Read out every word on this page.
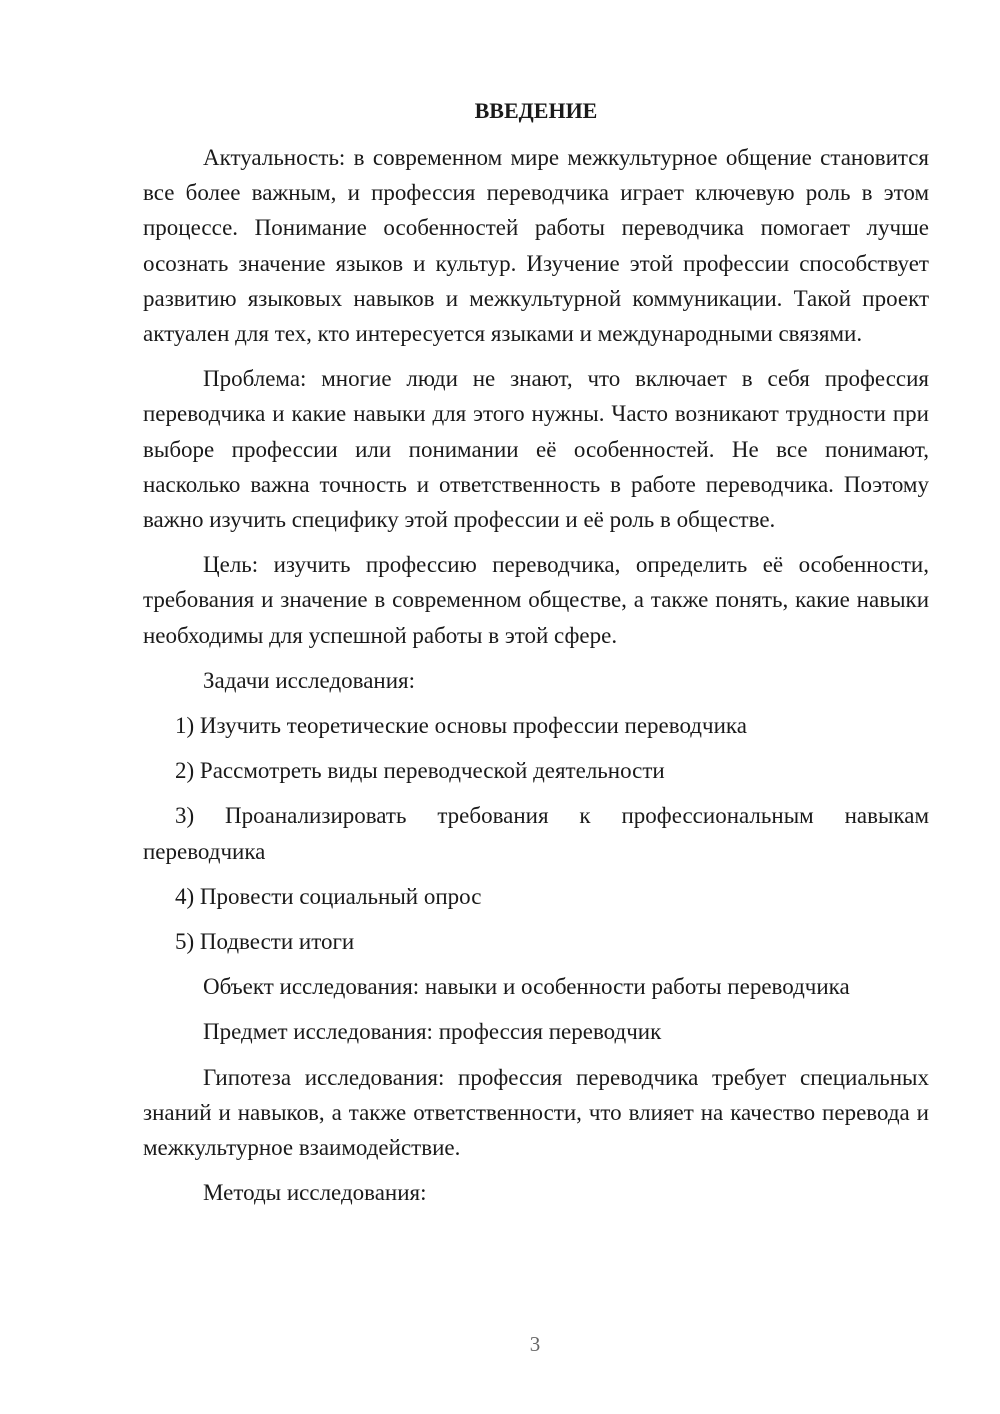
ВВЕДЕНИЕ

Актуальность: в современном мире межкультурное общение становится все более важным, и профессия переводчика играет ключевую роль в этом процессе. Понимание особенностей работы переводчика помогает лучше осознать значение языков и культур. Изучение этой профессии способствует развитию языковых навыков и межкультурной коммуникации. Такой проект актуален для тех, кто интересуется языками и международными связями.

Проблема: многие люди не знают, что включает в себя профессия переводчика и какие навыки для этого нужны. Часто возникают трудности при выборе профессии или понимании её особенностей. Не все понимают, насколько важна точность и ответственность в работе переводчика. Поэтому важно изучить специфику этой профессии и её роль в обществе.

Цель: изучить профессию переводчика, определить её особенности, требования и значение в современном обществе, а также понять, какие навыки необходимы для успешной работы в этой сфере.

Задачи исследования:

1) Изучить теоретические основы профессии переводчика

2) Рассмотреть виды переводческой деятельности

3) Проанализировать требования к профессиональным навыкам переводчика

4) Провести социальный опрос

5) Подвести итоги

Объект исследования: навыки и особенности работы переводчика

Предмет исследования: профессия переводчик

Гипотеза исследования: профессия переводчика требует специальных знаний и навыков, а также ответственности, что влияет на качество перевода и межкультурное взаимодействие.

Методы исследования:

3
